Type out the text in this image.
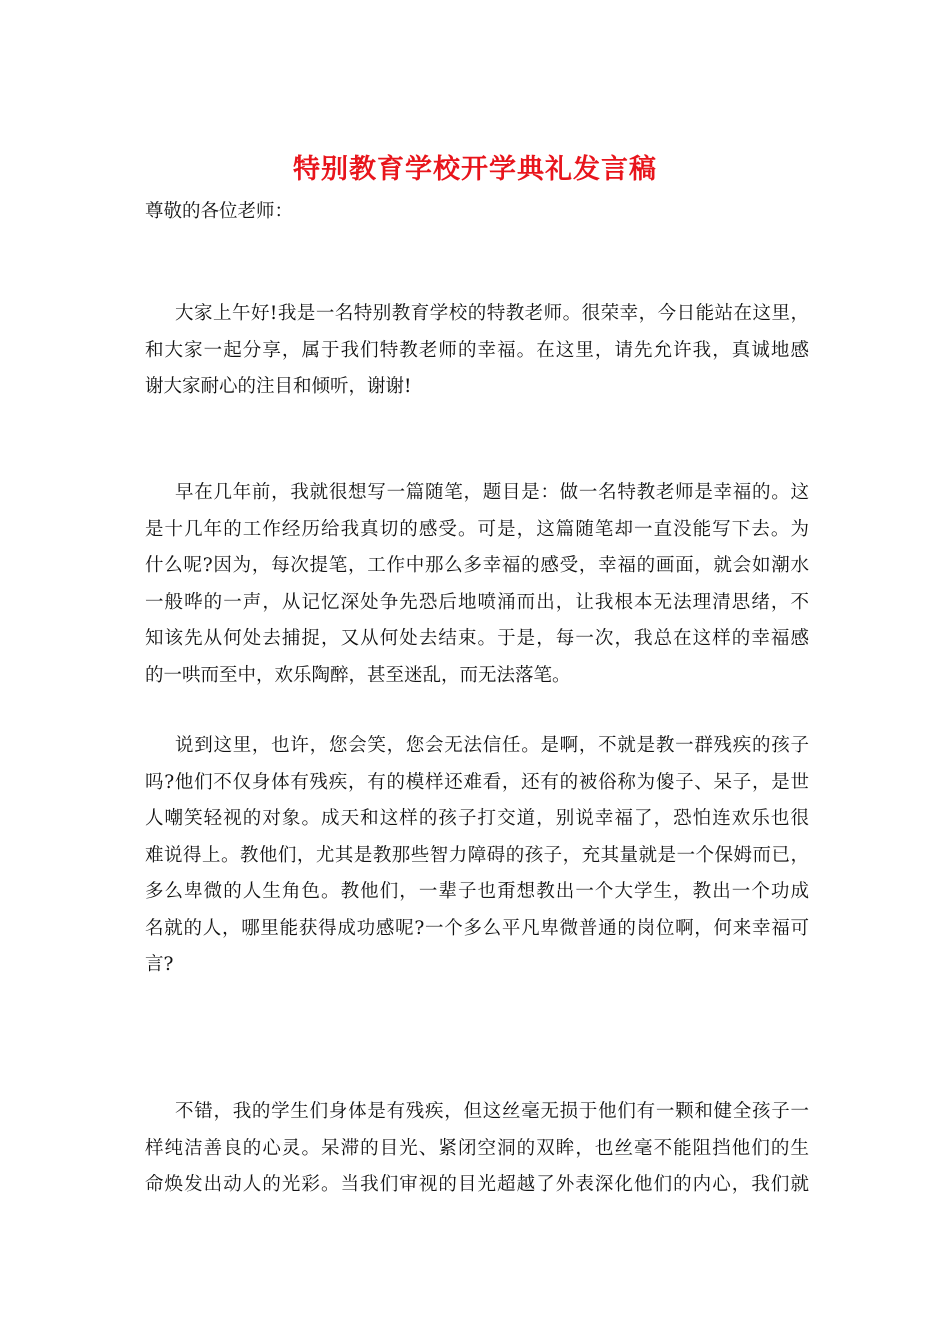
特别教育学校开学典礼发言稿
尊敬的各位老师：
大家上午好!我是一名特别教育学校的特教老师。很荣幸，今日能站在这里，
和大家一起分享，属于我们特教老师的幸福。在这里，请先允许我，真诚地感
谢大家耐心的注目和倾听，谢谢!
早在几年前，我就很想写一篇随笔，题目是：做一名特教老师是幸福的。这
是十几年的工作经历给我真切的感受。可是，这篇随笔却一直没能写下去。为
什么呢?因为，每次提笔，工作中那么多幸福的感受，幸福的画面，就会如潮水
一般哗的一声，从记忆深处争先恐后地喷涌而出，让我根本无法理清思绪，不
知该先从何处去捕捉，又从何处去结束。于是，每一次，我总在这样的幸福感
的一哄而至中，欢乐陶醉，甚至迷乱，而无法落笔。
说到这里，也许，您会笑，您会无法信任。是啊，不就是教一群残疾的孩子
吗?他们不仅身体有残疾，有的模样还难看，还有的被俗称为傻子、呆子，是世
人嘲笑轻视的对象。成天和这样的孩子打交道，别说幸福了，恐怕连欢乐也很
难说得上。教他们，尤其是教那些智力障碍的孩子，充其量就是一个保姆而已，
多么卑微的人生角色。教他们，一辈子也甭想教出一个大学生，教出一个功成
名就的人，哪里能获得成功感呢?一个多么平凡卑微普通的岗位啊，何来幸福可
言?
不错，我的学生们身体是有残疾，但这丝毫无损于他们有一颗和健全孩子一
样纯洁善良的心灵。呆滞的目光、紧闭空洞的双眸，也丝毫不能阻挡他们的生
命焕发出动人的光彩。当我们审视的目光超越了外表深化他们的内心，我们就
